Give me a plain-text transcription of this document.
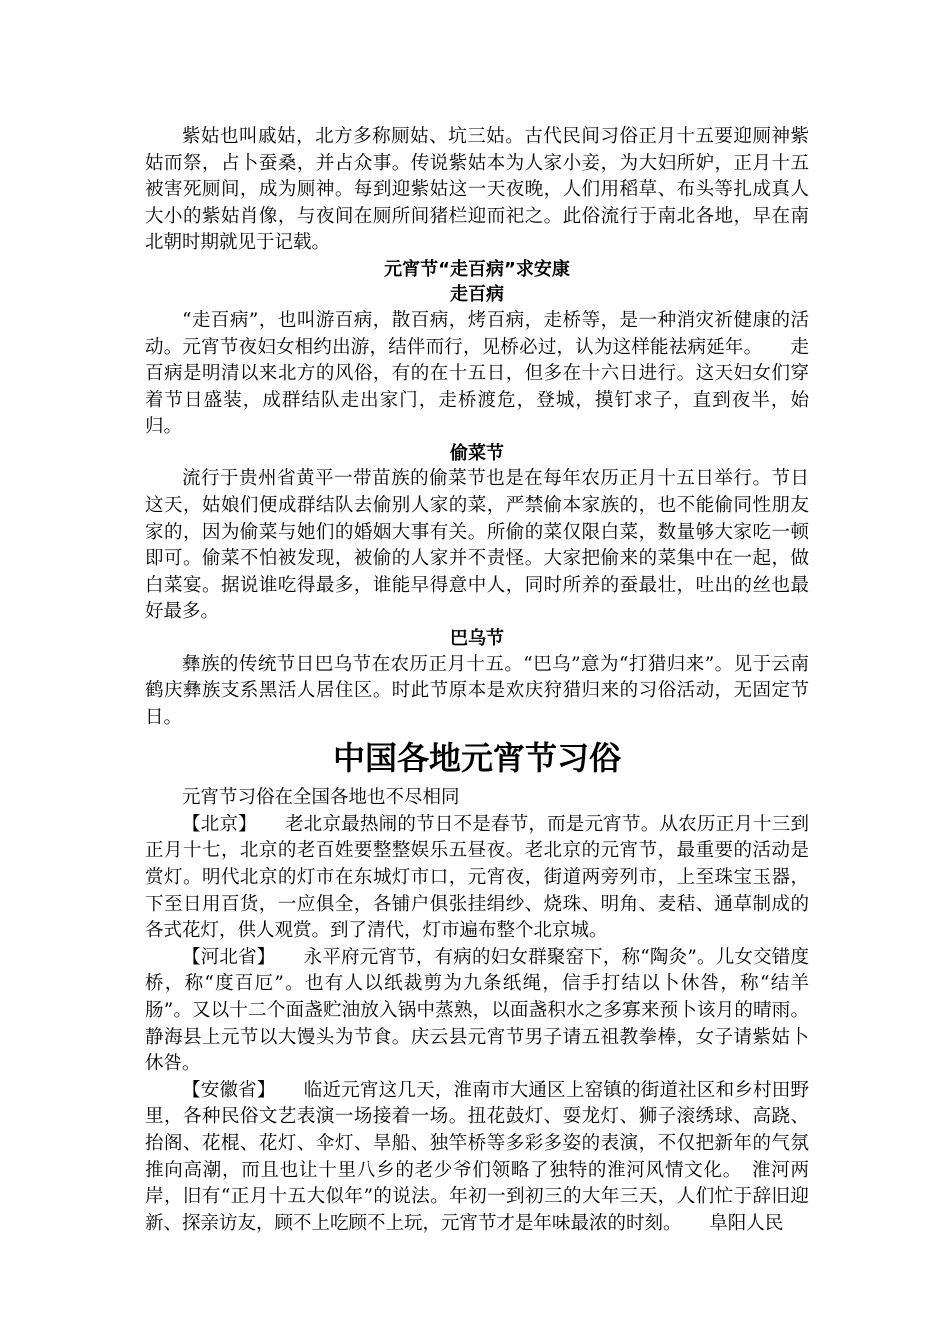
紫姑也叫戚姑，北方多称厕姑、坑三姑。古代民间习俗正月十五要迎厕神紫姑而祭，占卜蚕桑，并占众事。传说紫姑本为人家小妾，为大妇所妒，正月十五被害死厕间，成为厕神。每到迎紫姑这一天夜晚，人们用稻草、布头等扎成真人大小的紫姑肖像，与夜间在厕所间猪栏迎而祀之。此俗流行于南北各地，早在南北朝时期就见于记载。

元宵节“走百病”求安康
走百病

“走百病”，也叫游百病，散百病，烤百病，走桥等，是一种消灾祈健康的活动。元宵节夜妇女相约出游，结伴而行，见桥必过，认为这样能祛病延年。　　走百病是明清以来北方的风俗，有的在十五日，但多在十六日进行。这天妇女们穿着节日盛装，成群结队走出家门，走桥渡危，登城，摸钉求子，直到夜半，始归。

偷菜节

流行于贵州省黄平一带苗族的偷菜节也是在每年农历正月十五日举行。节日这天，姑娘们便成群结队去偷别人家的菜，严禁偷本家族的，也不能偷同性朋友家的，因为偷菜与她们的婚姻大事有关。所偷的菜仅限白菜，数量够大家吃一顿即可。偷菜不怕被发现，被偷的人家并不责怪。大家把偷来的菜集中在一起，做白菜宴。据说谁吃得最多，谁能早得意中人，同时所养的蚕最壮，吐出的丝也最好最多。

巴乌节

彝族的传统节日巴乌节在农历正月十五。“巴乌”意为“打猎归来”。见于云南鹤庆彝族支系黑活人居住区。时此节原本是欢庆狩猎归来的习俗活动，无固定节日。

中国各地元宵节习俗

元宵节习俗在全国各地也不尽相同

【北京】　　老北京最热闹的节日不是春节，而是元宵节。从农历正月十三到正月十七，北京的老百姓要整整娱乐五昼夜。老北京的元宵节，最重要的活动是赏灯。明代北京的灯市在东城灯市口，元宵夜，街道两旁列市，上至珠宝玉器，下至日用百货，一应俱全，各铺户俱张挂绢纱、烧珠、明角、麦秸、通草制成的各式花灯，供人观赏。到了清代，灯市遍布整个北京城。

【河北省】　　永平府元宵节，有病的妇女群聚窑下，称“陶灸”。儿女交错度桥，称“度百厄”。也有人以纸裁剪为九条纸绳，信手打结以卜休咎，称“结羊肠”。又以十二个面盏贮油放入锅中蒸熟，以面盏积水之多寡来预卜该月的晴雨。静海县上元节以大馒头为节食。庆云县元宵节男子请五祖教拳棒，女子请紫姑卜休咎。

【安徽省】　　临近元宵这几天，淮南市大通区上窑镇的街道社区和乡村田野里，各种民俗文艺表演一场接着一场。扭花鼓灯、耍龙灯、狮子滚绣球、高跷、抬阁、花棍、花灯、伞灯、旱船、独竿桥等多彩多姿的表演，不仅把新年的气氛推向高潮，而且也让十里八乡的老少爷们领略了独特的淮河风情文化。　淮河两岸，旧有“正月十五大似年”的说法。年初一到初三的大年三天，人们忙于辞旧迎新、探亲访友，顾不上吃顾不上玩，元宵节才是年味最浓的时刻。　　阜阳人民
